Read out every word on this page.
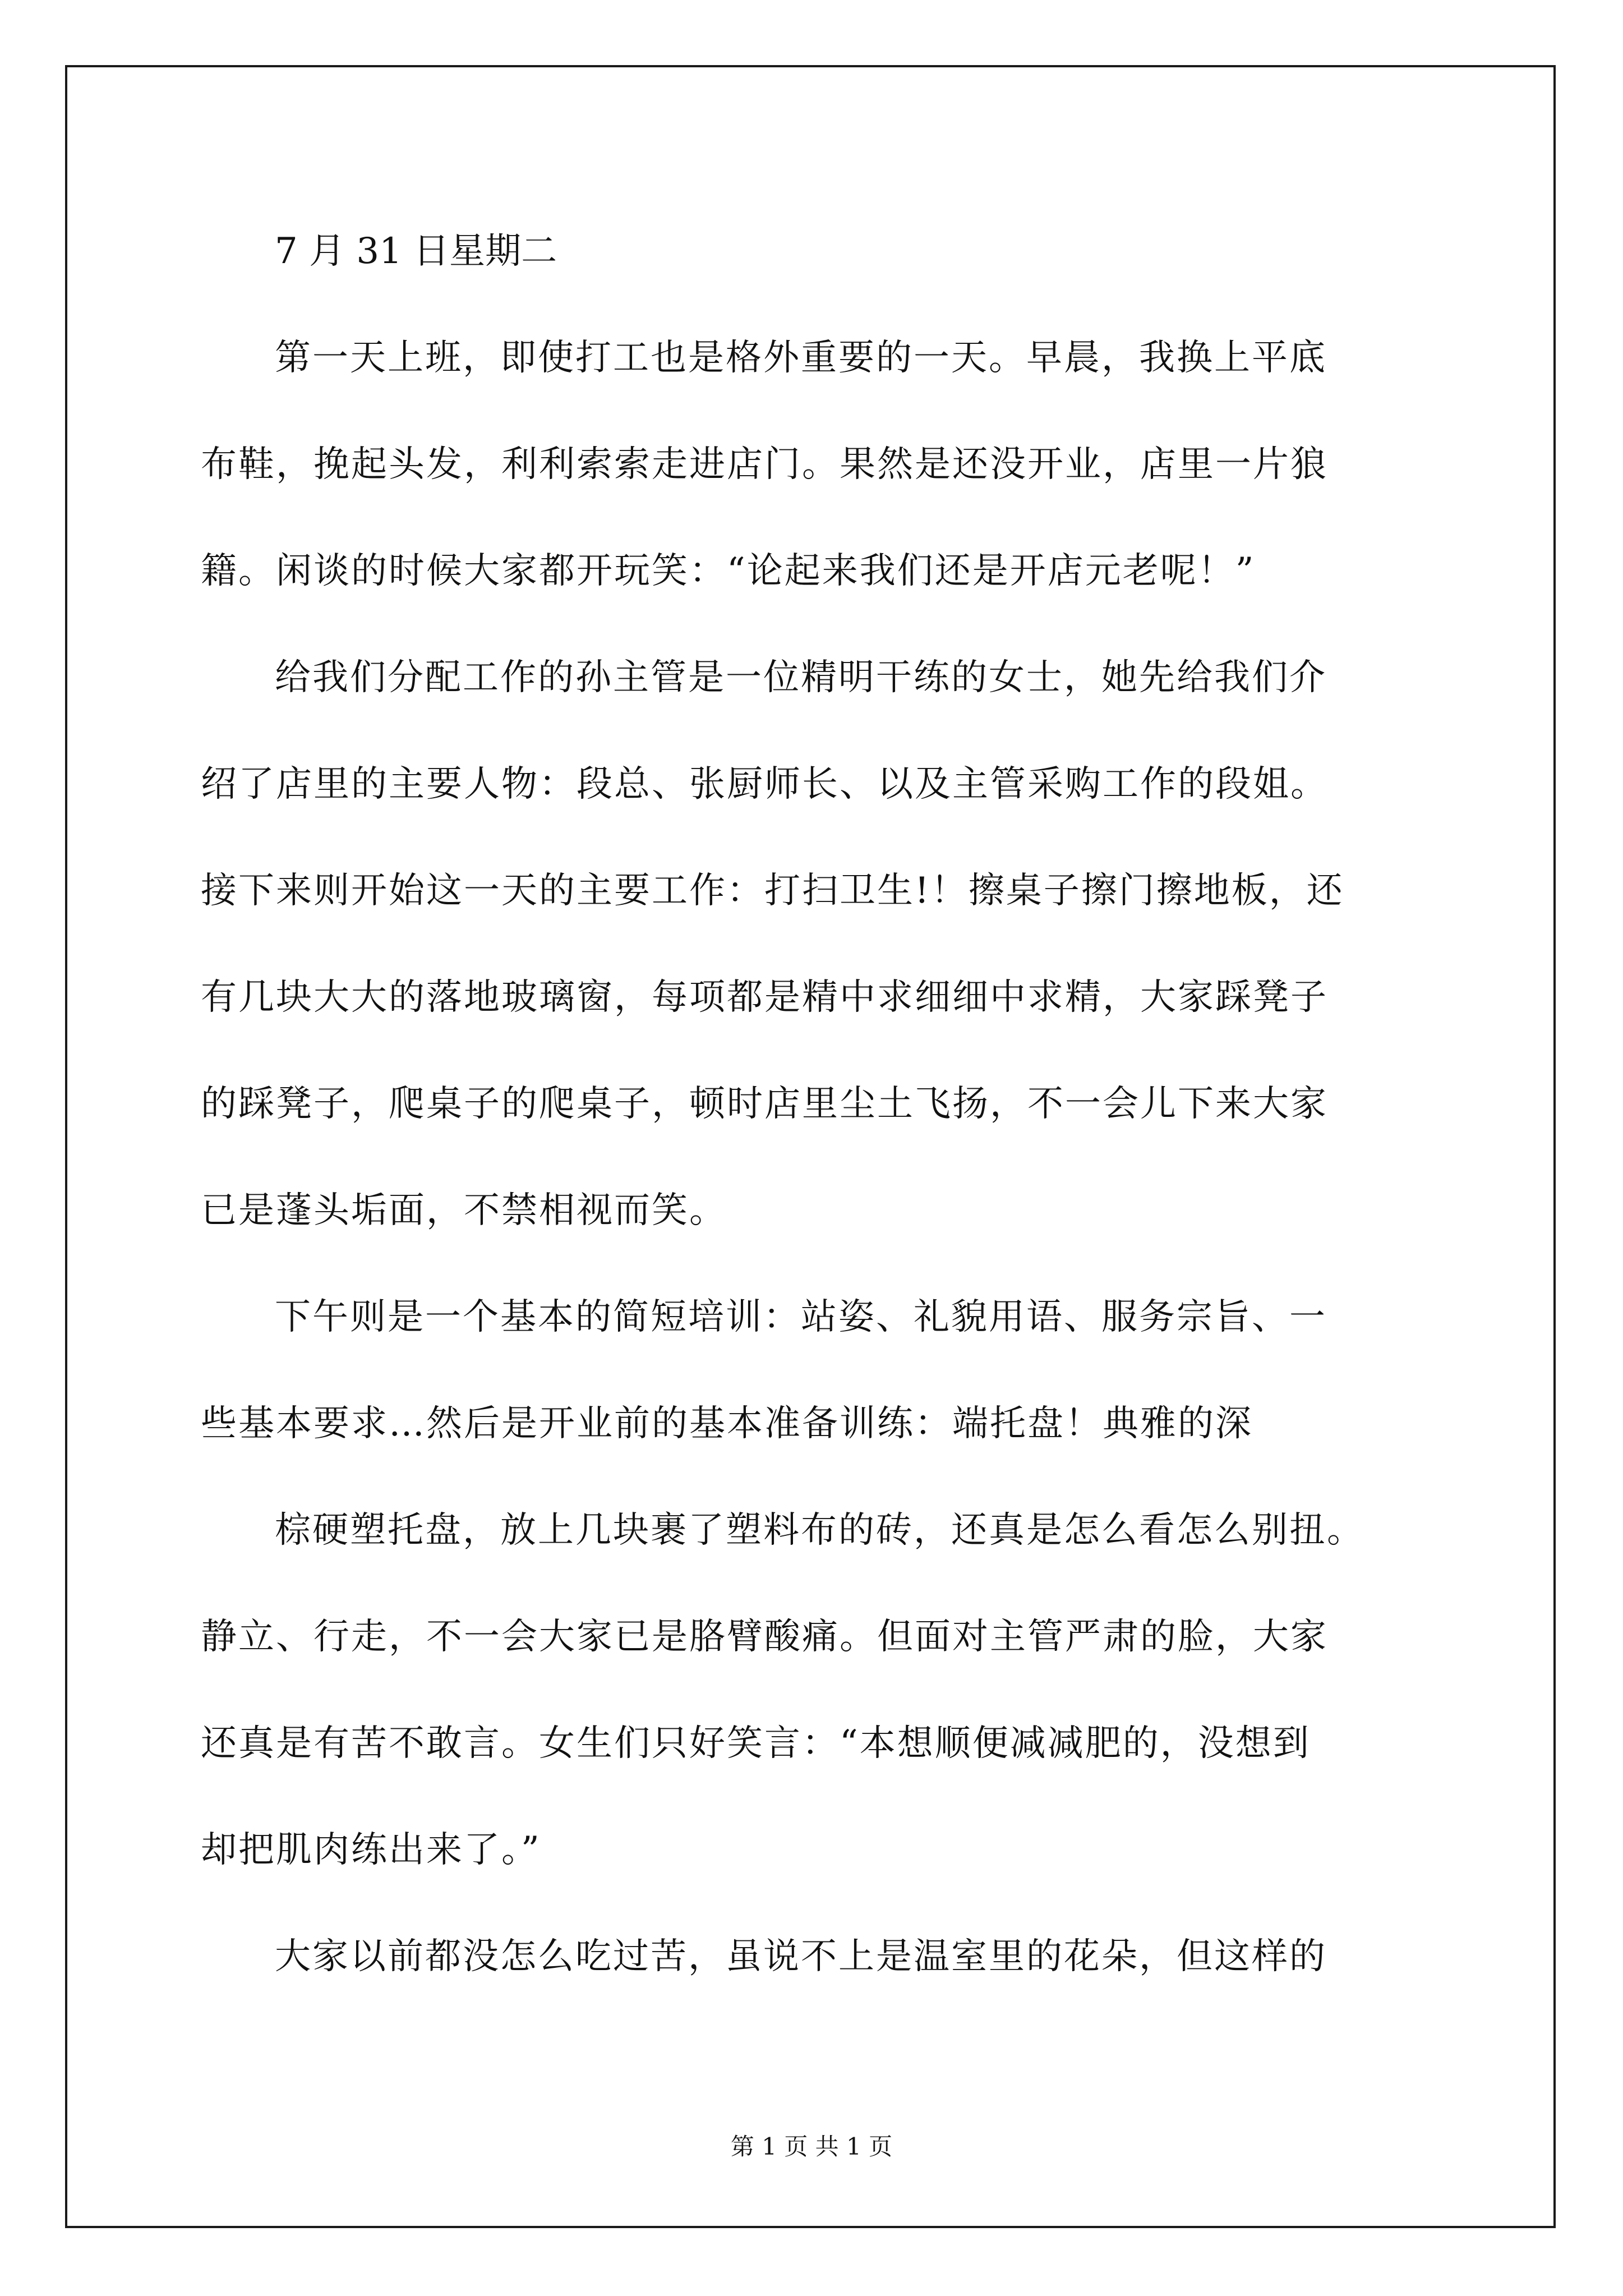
7 月 31 日星期二
第一天上班，即使打工也是格外重要的一天。早晨，我换上平底
布鞋，挽起头发，利利索索走进店门。果然是还没开业，店里一片狼
籍。闲谈的时候大家都开玩笑：“论起来我们还是开店元老呢！”
给我们分配工作的孙主管是一位精明干练的女士，她先给我们介
绍了店里的主要人物：段总、张厨师长、以及主管采购工作的段姐。
接下来则开始这一天的主要工作：打扫卫生!！擦桌子擦门擦地板，还
有几块大大的落地玻璃窗，每项都是精中求细细中求精，大家踩凳子
的踩凳子，爬桌子的爬桌子，顿时店里尘土飞扬，不一会儿下来大家
已是蓬头垢面，不禁相视而笑。
下午则是一个基本的简短培训：站姿、礼貌用语、服务宗旨、一
些基本要求…然后是开业前的基本准备训练：端托盘！典雅的深
棕硬塑托盘，放上几块裹了塑料布的砖，还真是怎么看怎么别扭。
静立、行走，不一会大家已是胳臂酸痛。但面对主管严肃的脸，大家
还真是有苦不敢言。女生们只好笑言：“本想顺便减减肥的，没想到
却把肌肉练出来了。”
大家以前都没怎么吃过苦，虽说不上是温室里的花朵，但这样的
第 1 页 共 1 页
